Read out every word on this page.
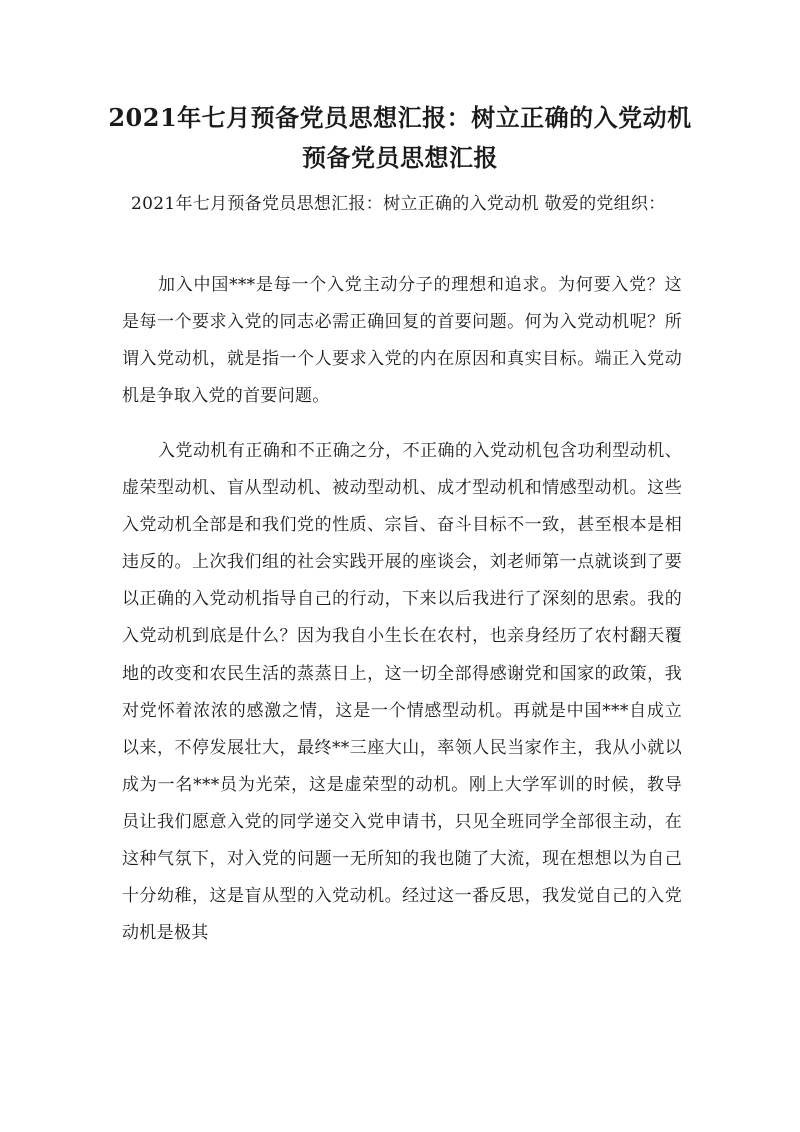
2021年七月预备党员思想汇报：树立正确的入党动机
预备党员思想汇报
2021年七月预备党员思想汇报：树立正确的入党动机 敬爱的党组织：
加入中国***是每一个入党主动分子的理想和追求。为何要入党？这是每一个要求入党的同志必需正确回复的首要问题。何为入党动机呢？所谓入党动机，就是指一个人要求入党的内在原因和真实目标。端正入党动机是争取入党的首要问题。
入党动机有正确和不正确之分，不正确的入党动机包含功利型动机、虚荣型动机、盲从型动机、被动型动机、成才型动机和情感型动机。这些入党动机全部是和我们党的性质、宗旨、奋斗目标不一致，甚至根本是相违反的。上次我们组的社会实践开展的座谈会，刘老师第一点就谈到了要以正确的入党动机指导自己的行动，下来以后我进行了深刻的思索。我的入党动机到底是什么？因为我自小生长在农村，也亲身经历了农村翻天覆地的改变和农民生活的蒸蒸日上，这一切全部得感谢党和国家的政策，我对党怀着浓浓的感激之情，这是一个情感型动机。再就是中国***自成立以来，不停发展壮大，最终**三座大山，率领人民当家作主，我从小就以成为一名***员为光荣，这是虚荣型的动机。刚上大学军训的时候，教导员让我们愿意入党的同学递交入党申请书，只见全班同学全部很主动，在这种气氛下，对入党的问题一无所知的我也随了大流，现在想想以为自己十分幼稚，这是盲从型的入党动机。经过这一番反思，我发觉自己的入党动机是极其
